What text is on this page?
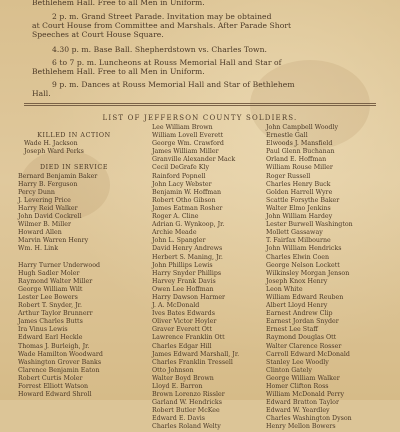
Bethlehem Hall. Free to all Men in Uniform.
2 p. m. Grand Street Parade. Invitation may be obtained
at Court House from Committee and Marshals. After Parade Short
Speeches at Court House Square.
4.30 p. m. Base Ball. Shepherdstown vs. Charles Town.
6 to 7 p. m. Luncheons at Rouss Memorial Hall and Star of
Bethlehem Hall. Free to all Men in Uniform.
9 p. m. Dances at Rouss Memorial Hall and Star of Bethlehem
Hall.
LIST OF JEFFERSON COUNTY SOLDIERS.
KILLED IN ACTION
Wade H. Jackson
Joseph Ward Perks
DIED IN SERVICE
Bernard Benjamin Baker
Harry B. Ferguson
Percy Dunn
J. Levering Price
Harry Reid Walker
John David Cockrell
Wilmer B. Miller
Howard Allen
Marvin Warren Henry
Wm. H. Link
Harry Turner Underwood
Hugh Sadler Moler
Raymond Walter Miller
George William Wilt
Lester Lee Bowers
Robert T. Snyder, Jr.
Arthur Taylor Brunnerr
James Charles Butts
Ira Vinus Lewis
Edward Earl Heckle
Thomas J. Burleigh, Jr.
Wade Hamilton Woodward
Washington Grover Banks
Clarence Benjamin Eaton
Robert Curtis Moler
Forrest Elliott Watson
Howard Edward Shroll
Lee William Brown
William Lovell Everett
George Wm. Crawford
James William Miller
Granville Alexander Mack
Cecil DeGrafe Kly
Rainford Popnell
John Lacy Webster
Benjamin W. Hoffman
Robert Otho Gibson
James Eatman Rosher
Roger A. Cline
Adrian G. Wynkoop, Jr.
Archie Meade
John L. Spangler
David Henry Andrews
Herbert S. Maning, Jr.
John Phillips Lewis
Harry Snyder Phillips
Harvey Frank Davis
Owen Lee Hoffman
Harry Dawson Harmer
J. A. McDonald
Ives Bates Edwards
Oliver Victor Hoyler
Graver Everett Ott
Lawrence Franklin Ott
Charles Edgar Hill
James Edward Marshall, Jr.
Charles Franklin Tressell
Otto Johnson
Walter Boyd Brown
Lloyd E. Barron
Brown Lorenzo Rissler
Garland W. Hendricks
Robert Butler McKee
Edward E. Davis
Charles Roland Welty
John Campbell Woodly
Ernestle Gall
Elwoods J. Mansfield
Paul Glenn Buchanan
Orland E. Hoffman
William Rouse Miller
Roger Russell
Charles Henry Buck
Golden Harrell Wyre
Scattle Forsythe Baker
Walter Elmo Jenkins
John William Hardey
Lester Burwell Washington
Mollett Gassaway
T. Fairfax Milbourne
John William Hendricks
Charles Elwin Coen
George Nelson Lockett
Wilkinsley Morgan Jenson
Joseph Knox Henry
Leon White
William Edward Reuben
Albert Lloyd Henry
Earnest Andrew Clip
Earnest Jordan Snyder
Ernest Lee Staff
Raymond Douglas Ott
Walter Clarence Rosser
Carroll Edward McDonald
Stanley Lee Woodly
Clinton Gately
George William Walker
Homer Clifton Ross
William McDonald Perry
Edward Bratton Taylor
Edward W. Yeardley
Charles Washington Dyson
Henry Mellon Bowers
